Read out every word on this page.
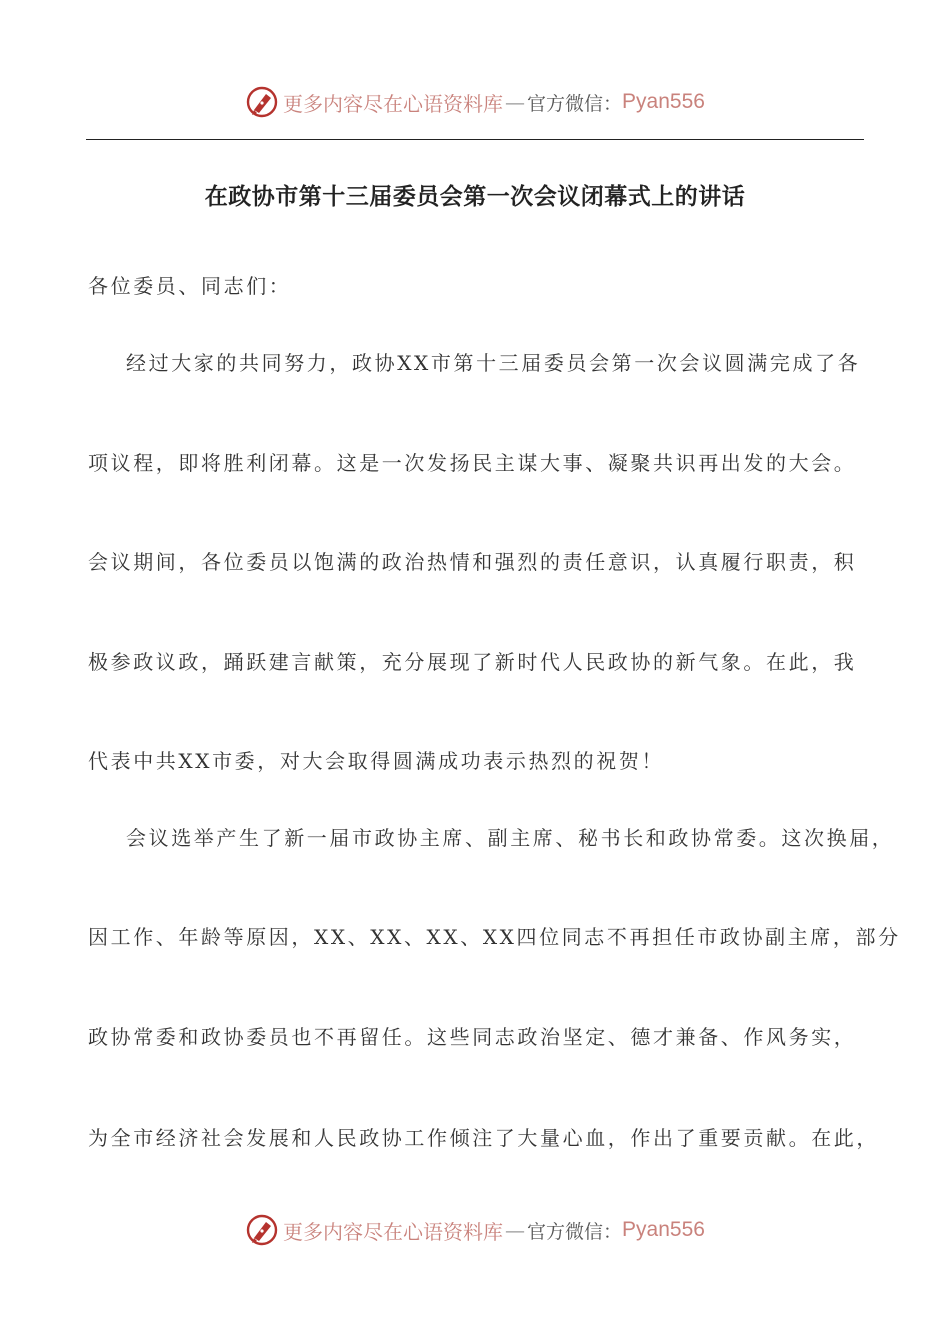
更多内容尽在心语资料库 — 官方微信： Pyan556
在政协市第十三届委员会第一次会议闭幕式上的讲话
各位委员、同志们：
经过大家的共同努力，政协XX市第十三届委员会第一次会议圆满完成了各
项议程，即将胜利闭幕。这是一次发扬民主谋大事、凝聚共识再出发的大会。
会议期间，各位委员以饱满的政治热情和强烈的责任意识，认真履行职责，积
极参政议政，踊跃建言献策，充分展现了新时代人民政协的新气象。在此，我
代表中共XX市委，对大会取得圆满成功表示热烈的祝贺！
会议选举产生了新一届市政协主席、副主席、秘书长和政协常委。这次换届，
因工作、年龄等原因，XX、XX、XX、XX四位同志不再担任市政协副主席，部分
政协常委和政协委员也不再留任。这些同志政治坚定、德才兼备、作风务实，
为全市经济社会发展和人民政协工作倾注了大量心血，作出了重要贡献。在此，
更多内容尽在心语资料库 — 官方微信： Pyan556
